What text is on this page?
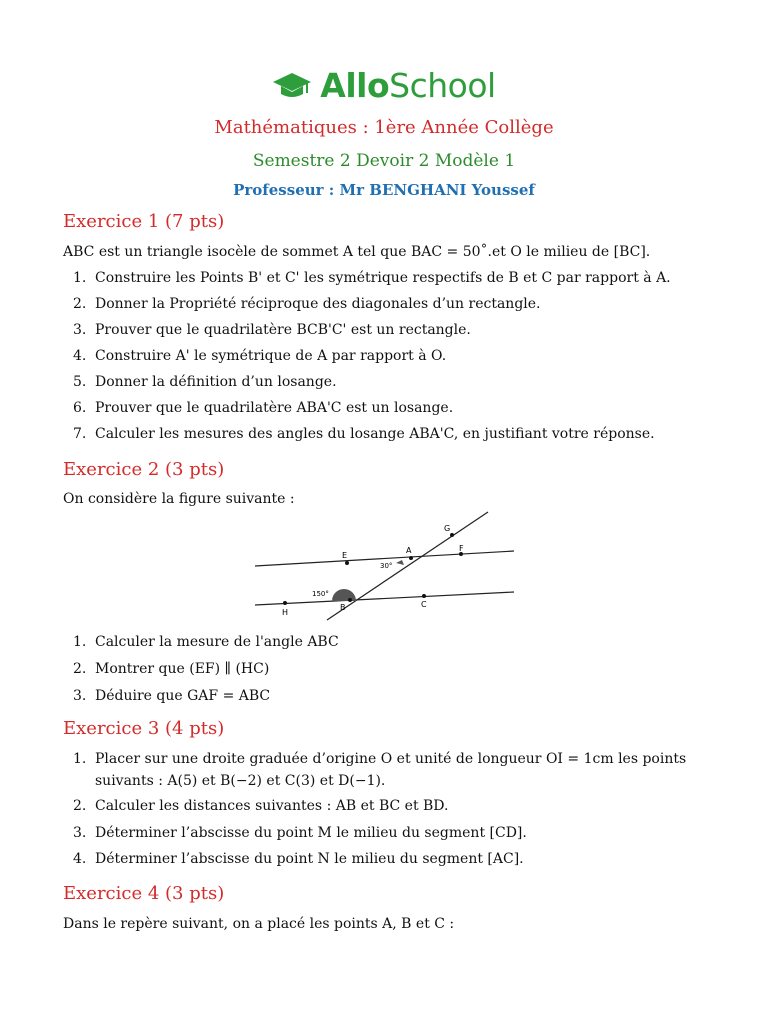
AlloSchool
Mathématiques : 1ère Année Collège
Semestre 2 Devoir 2 Modèle 1
Professeur : Mr BENGHANI Youssef
Exercice 1 (7 pts)
ABC est un triangle isocèle de sommet A tel que BAC = 50˚.et O le milieu de [BC].
1. Construire les Points B' et C' les symétrique respectifs de B et C par rapport à A.
2. Donner la Propriété réciproque des diagonales d’un rectangle.
3. Prouver que le quadrilatère BCB'C' est un rectangle.
4. Construire A' le symétrique de A par rapport à O.
5. Donner la définition d’un losange.
6. Prouver que le quadrilatère ABA'C est un losange.
7. Calculer les mesures des angles du losange ABA'C, en justifiant votre réponse.
Exercice 2 (3 pts)
On considère la figure suivante :
G
E
A	F
30°
150°
H
B	C
1. Calculer la mesure de l'angle ABC
2. Montrer que (EF) ∥ (HC)
3. Déduire que GAF = ABC
Exercice 3 (4 pts)
1. Placer sur une droite graduée d’origine O et unité de longueur OI = 1cm les points
suivants : A(5) et B(−2) et C(3) et D(−1).
2. Calculer les distances suivantes : AB et BC et BD.
3. Déterminer l’abscisse du point M le milieu du segment [CD].
4. Déterminer l’abscisse du point N le milieu du segment [AC].
Exercice 4 (3 pts)
Dans le repère suivant, on a placé les points A, B et C :
